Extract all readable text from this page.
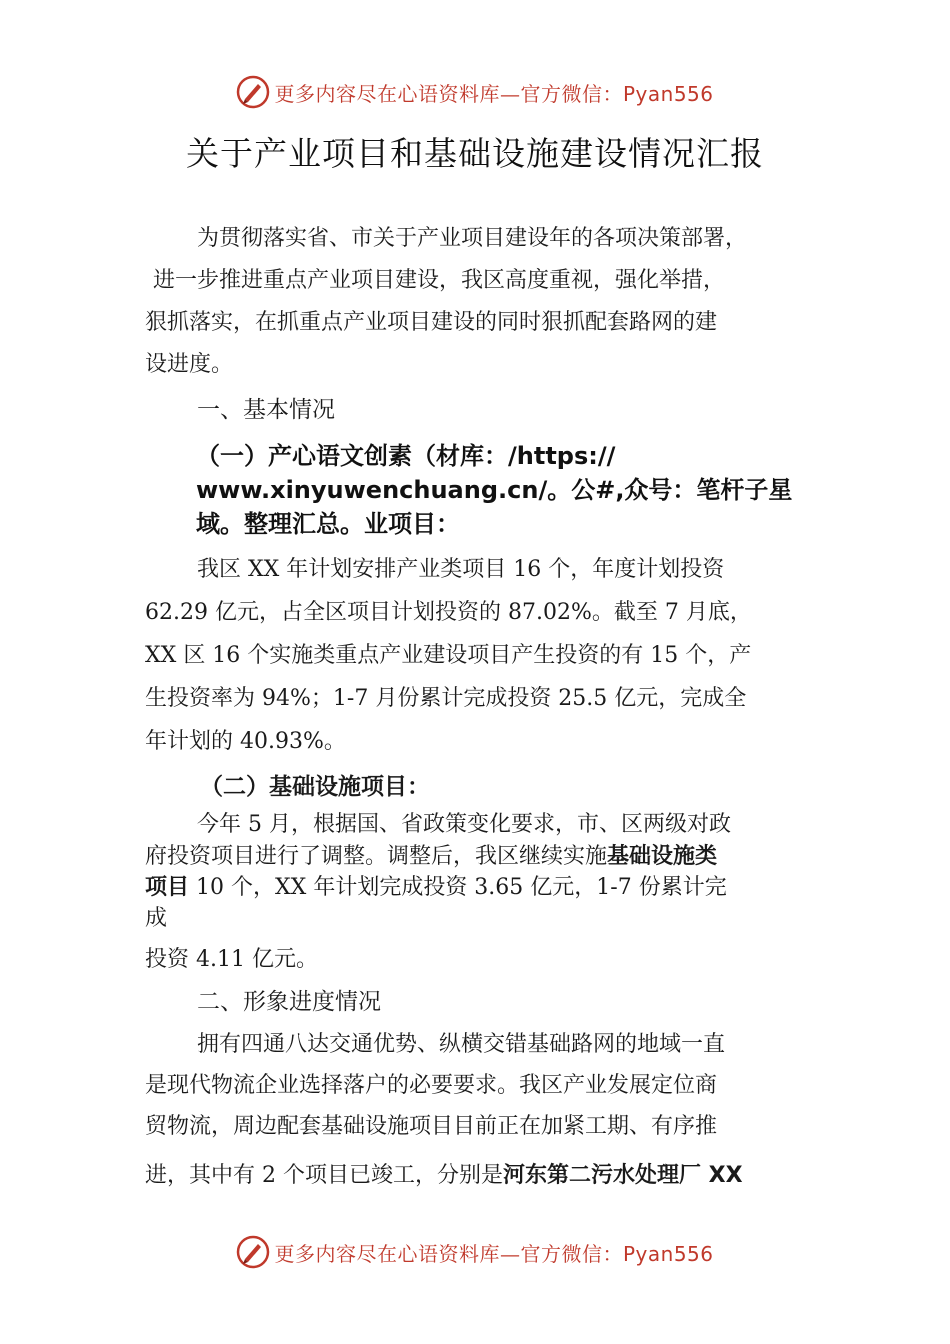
更多内容尽在心语资料库—官方微信：Pyan556
关于产业项目和基础设施建设情况汇报
为贯彻落实省、市关于产业项目建设年的各项决策部署，
进一步推进重点产业项目建设，我区高度重视，强化举措，
狠抓落实，在抓重点产业项目建设的同时狠抓配套路网的建
设进度。
一、基本情况
（一）产心语文创素（材库：/https://
www.xinyuwenchuang.cn/。公#,众号：笔杆子星
域。整理汇总。业项目：
我区 XX 年计划安排产业类项目 16 个，年度计划投资
62.29 亿元，占全区项目计划投资的 87.02%。截至 7 月底，
XX 区 16 个实施类重点产业建设项目产生投资的有 15 个，产
生投资率为 94%；1-7 月份累计完成投资 25.5 亿元，完成全
年计划的 40.93%。
（二）基础设施项目：
今年 5 月，根据国、省政策变化要求，市、区两级对政
府投资项目进行了调整。调整后，我区继续实施基础设施类
项目 10 个，XX 年计划完成投资 3.65 亿元，1-7 份累计完
成
投资 4.11 亿元。
二、形象进度情况
拥有四通八达交通优势、纵横交错基础路网的地域一直
是现代物流企业选择落户的必要要求。我区产业发展定位商
贸物流，周边配套基础设施项目目前正在加紧工期、有序推
进，其中有 2 个项目已竣工，分别是河东第二污水处理厂 XX
更多内容尽在心语资料库—官方微信：Pyan556
